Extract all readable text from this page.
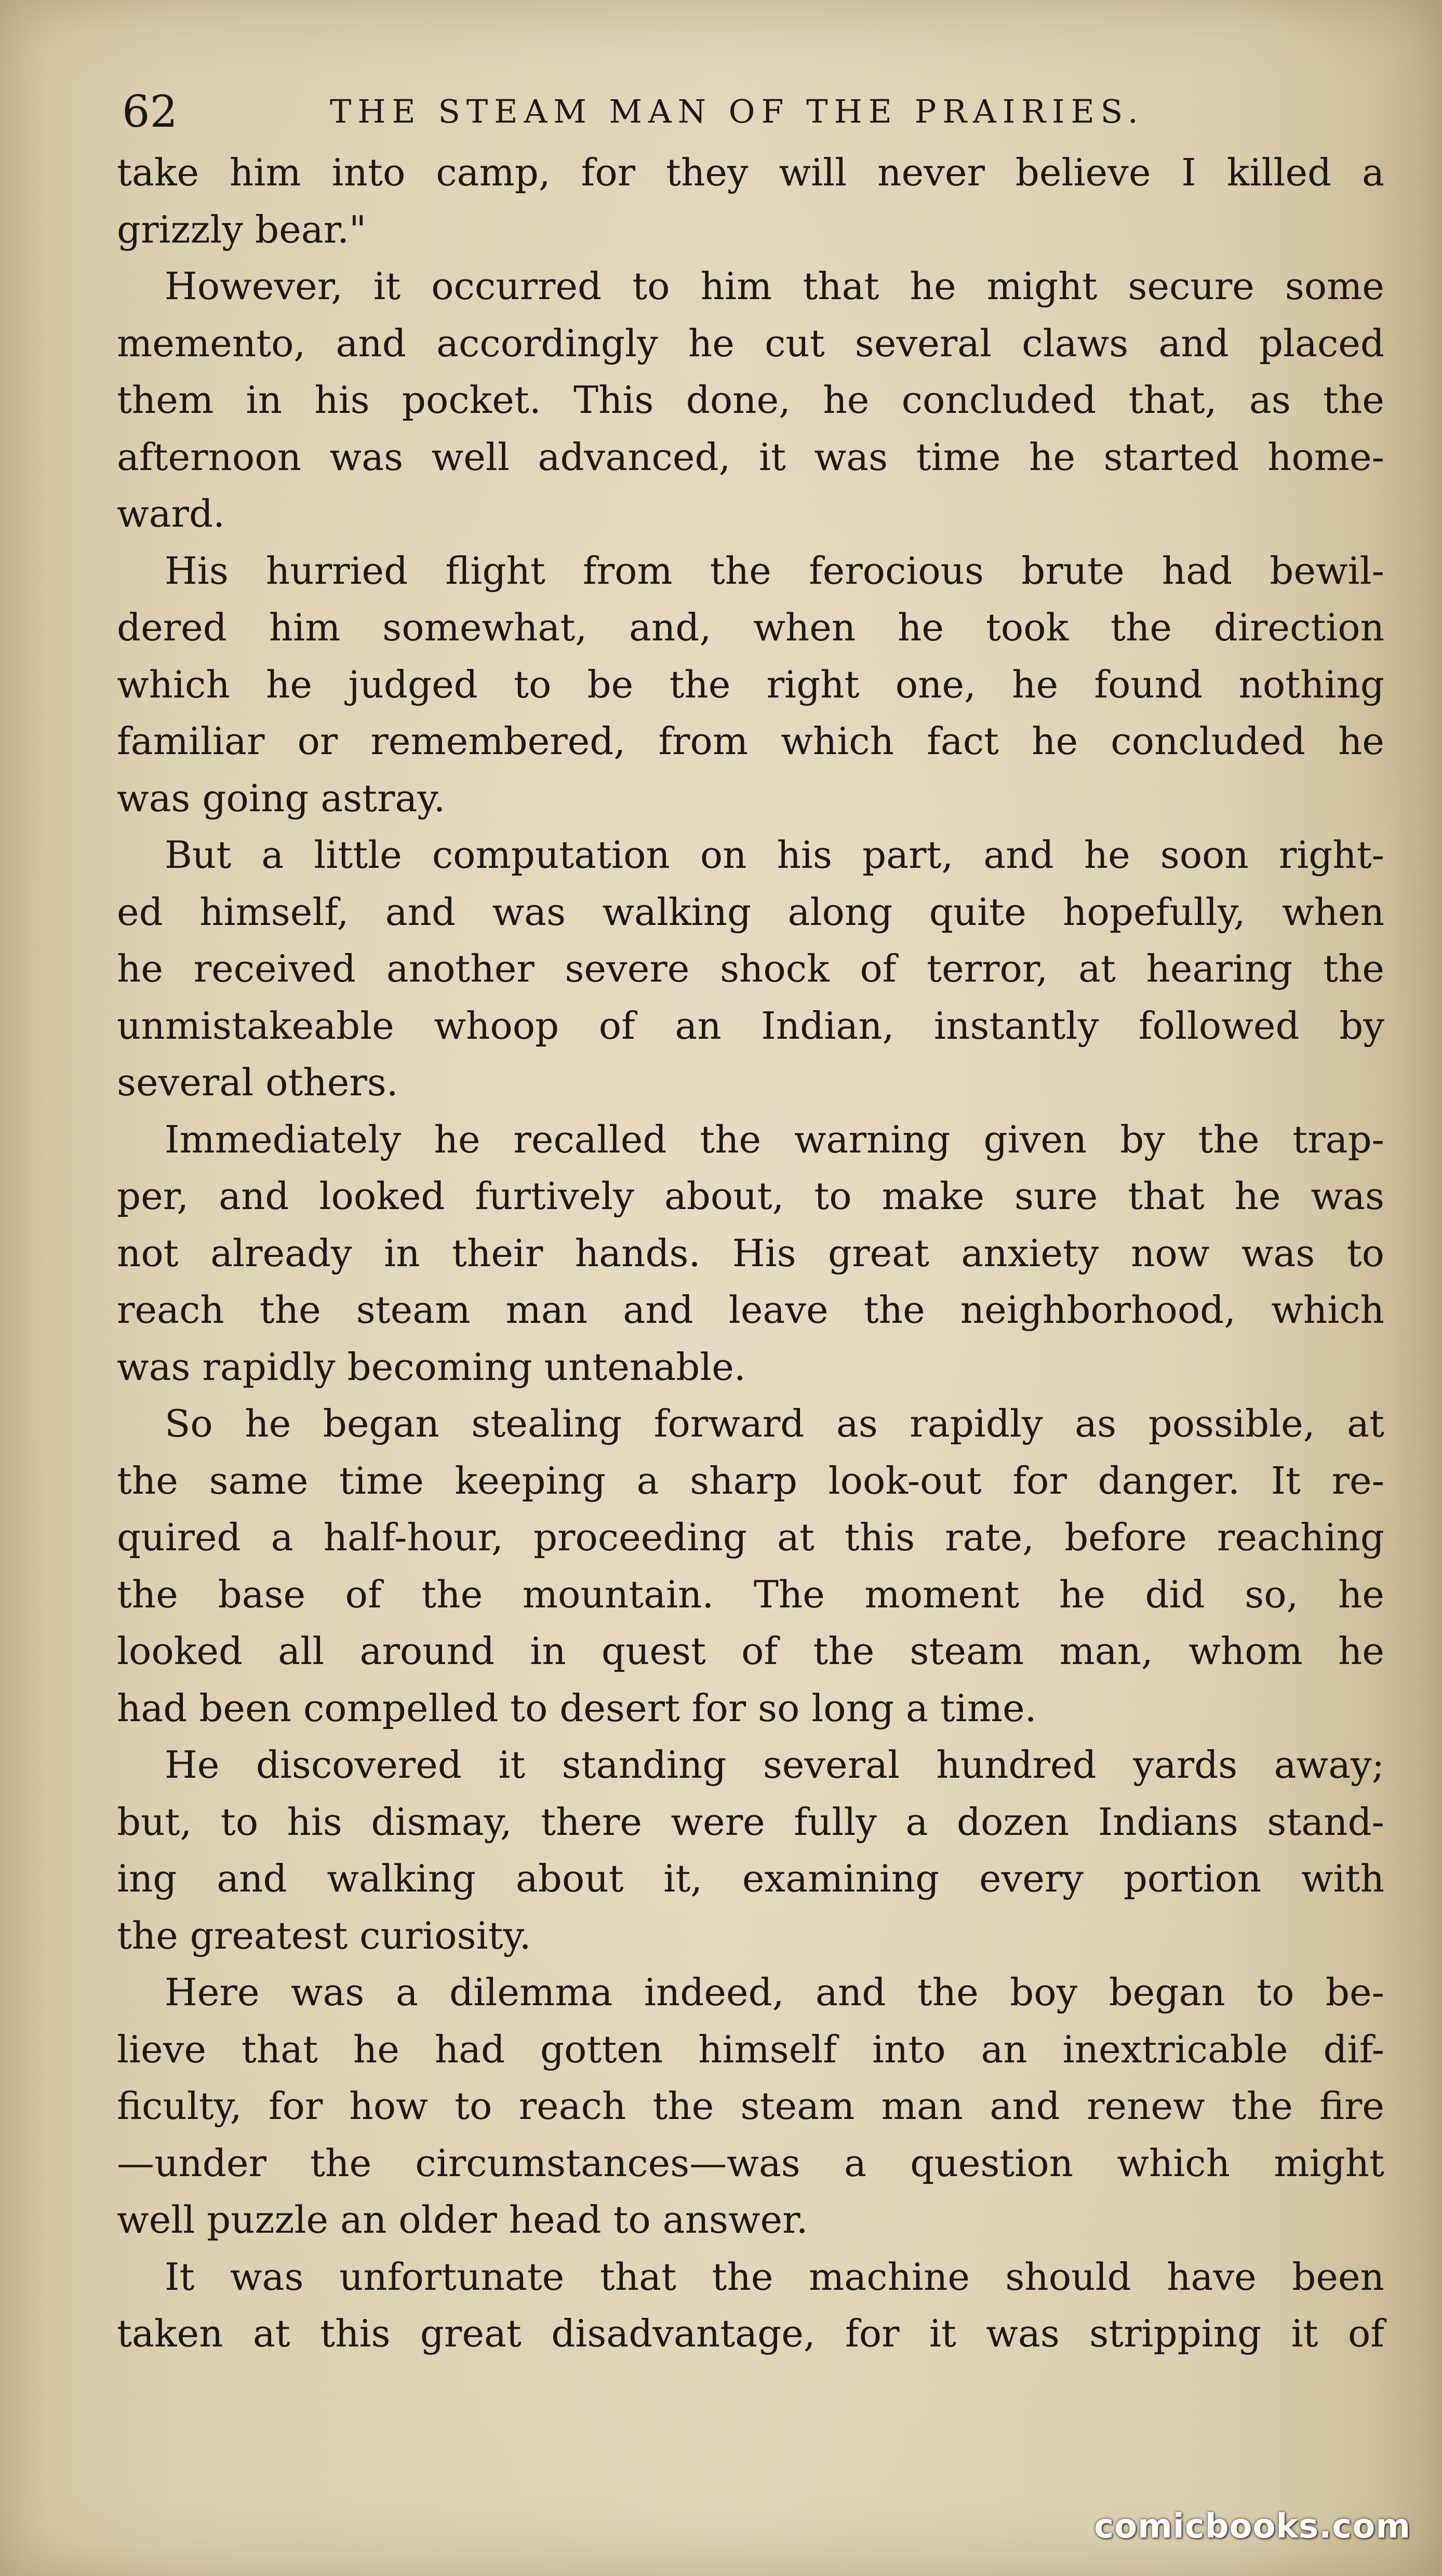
62	THE STEAM MAN OF THE PRAIRIES.

take him into camp, for they will never believe I killed a

grizzly bear."

However, it occurred to him that he might secure some

memento, and accordingly he cut several claws and placed

them in his pocket. This done, he concluded that, as the

afternoon was well advanced, it was time he started home-

ward.

His hurried flight from the ferocious brute had bewil-

dered him somewhat, and, when he took the direction

which he judged to be the right one, he found nothing

familiar or remembered, from which fact he concluded he

was going astray.

But a little computation on his part, and he soon right-

ed himself, and was walking along quite hopefully, when

he received another severe shock of terror, at hearing the

unmistakeable whoop of an Indian, instantly followed by

several others.

Immediately he recalled the warning given by the trap-

per, and looked furtively about, to make sure that he was

not already in their hands. His great anxiety now was to

reach the steam man and leave the neighborhood, which

was rapidly becoming untenable.

So he began stealing forward as rapidly as possible, at

the same time keeping a sharp look-out for danger. It re-

quired a half-hour, proceeding at this rate, before reaching

the base of the mountain. The moment he did so, he

looked all around in quest of the steam man, whom he

had been compelled to desert for so long a time.

He discovered it standing several hundred yards away;

but, to his dismay, there were fully a dozen Indians stand-

ing and walking about it, examining every portion with

the greatest curiosity.

Here was a dilemma indeed, and the boy began to be-

lieve that he had gotten himself into an inextricable dif-

ficulty, for how to reach the steam man and renew the fire

—under the circumstances—was a question which might

well puzzle an older head to answer.

It was unfortunate that the machine should have been

taken at this great disadvantage, for it was stripping it of

comicbooks.com
